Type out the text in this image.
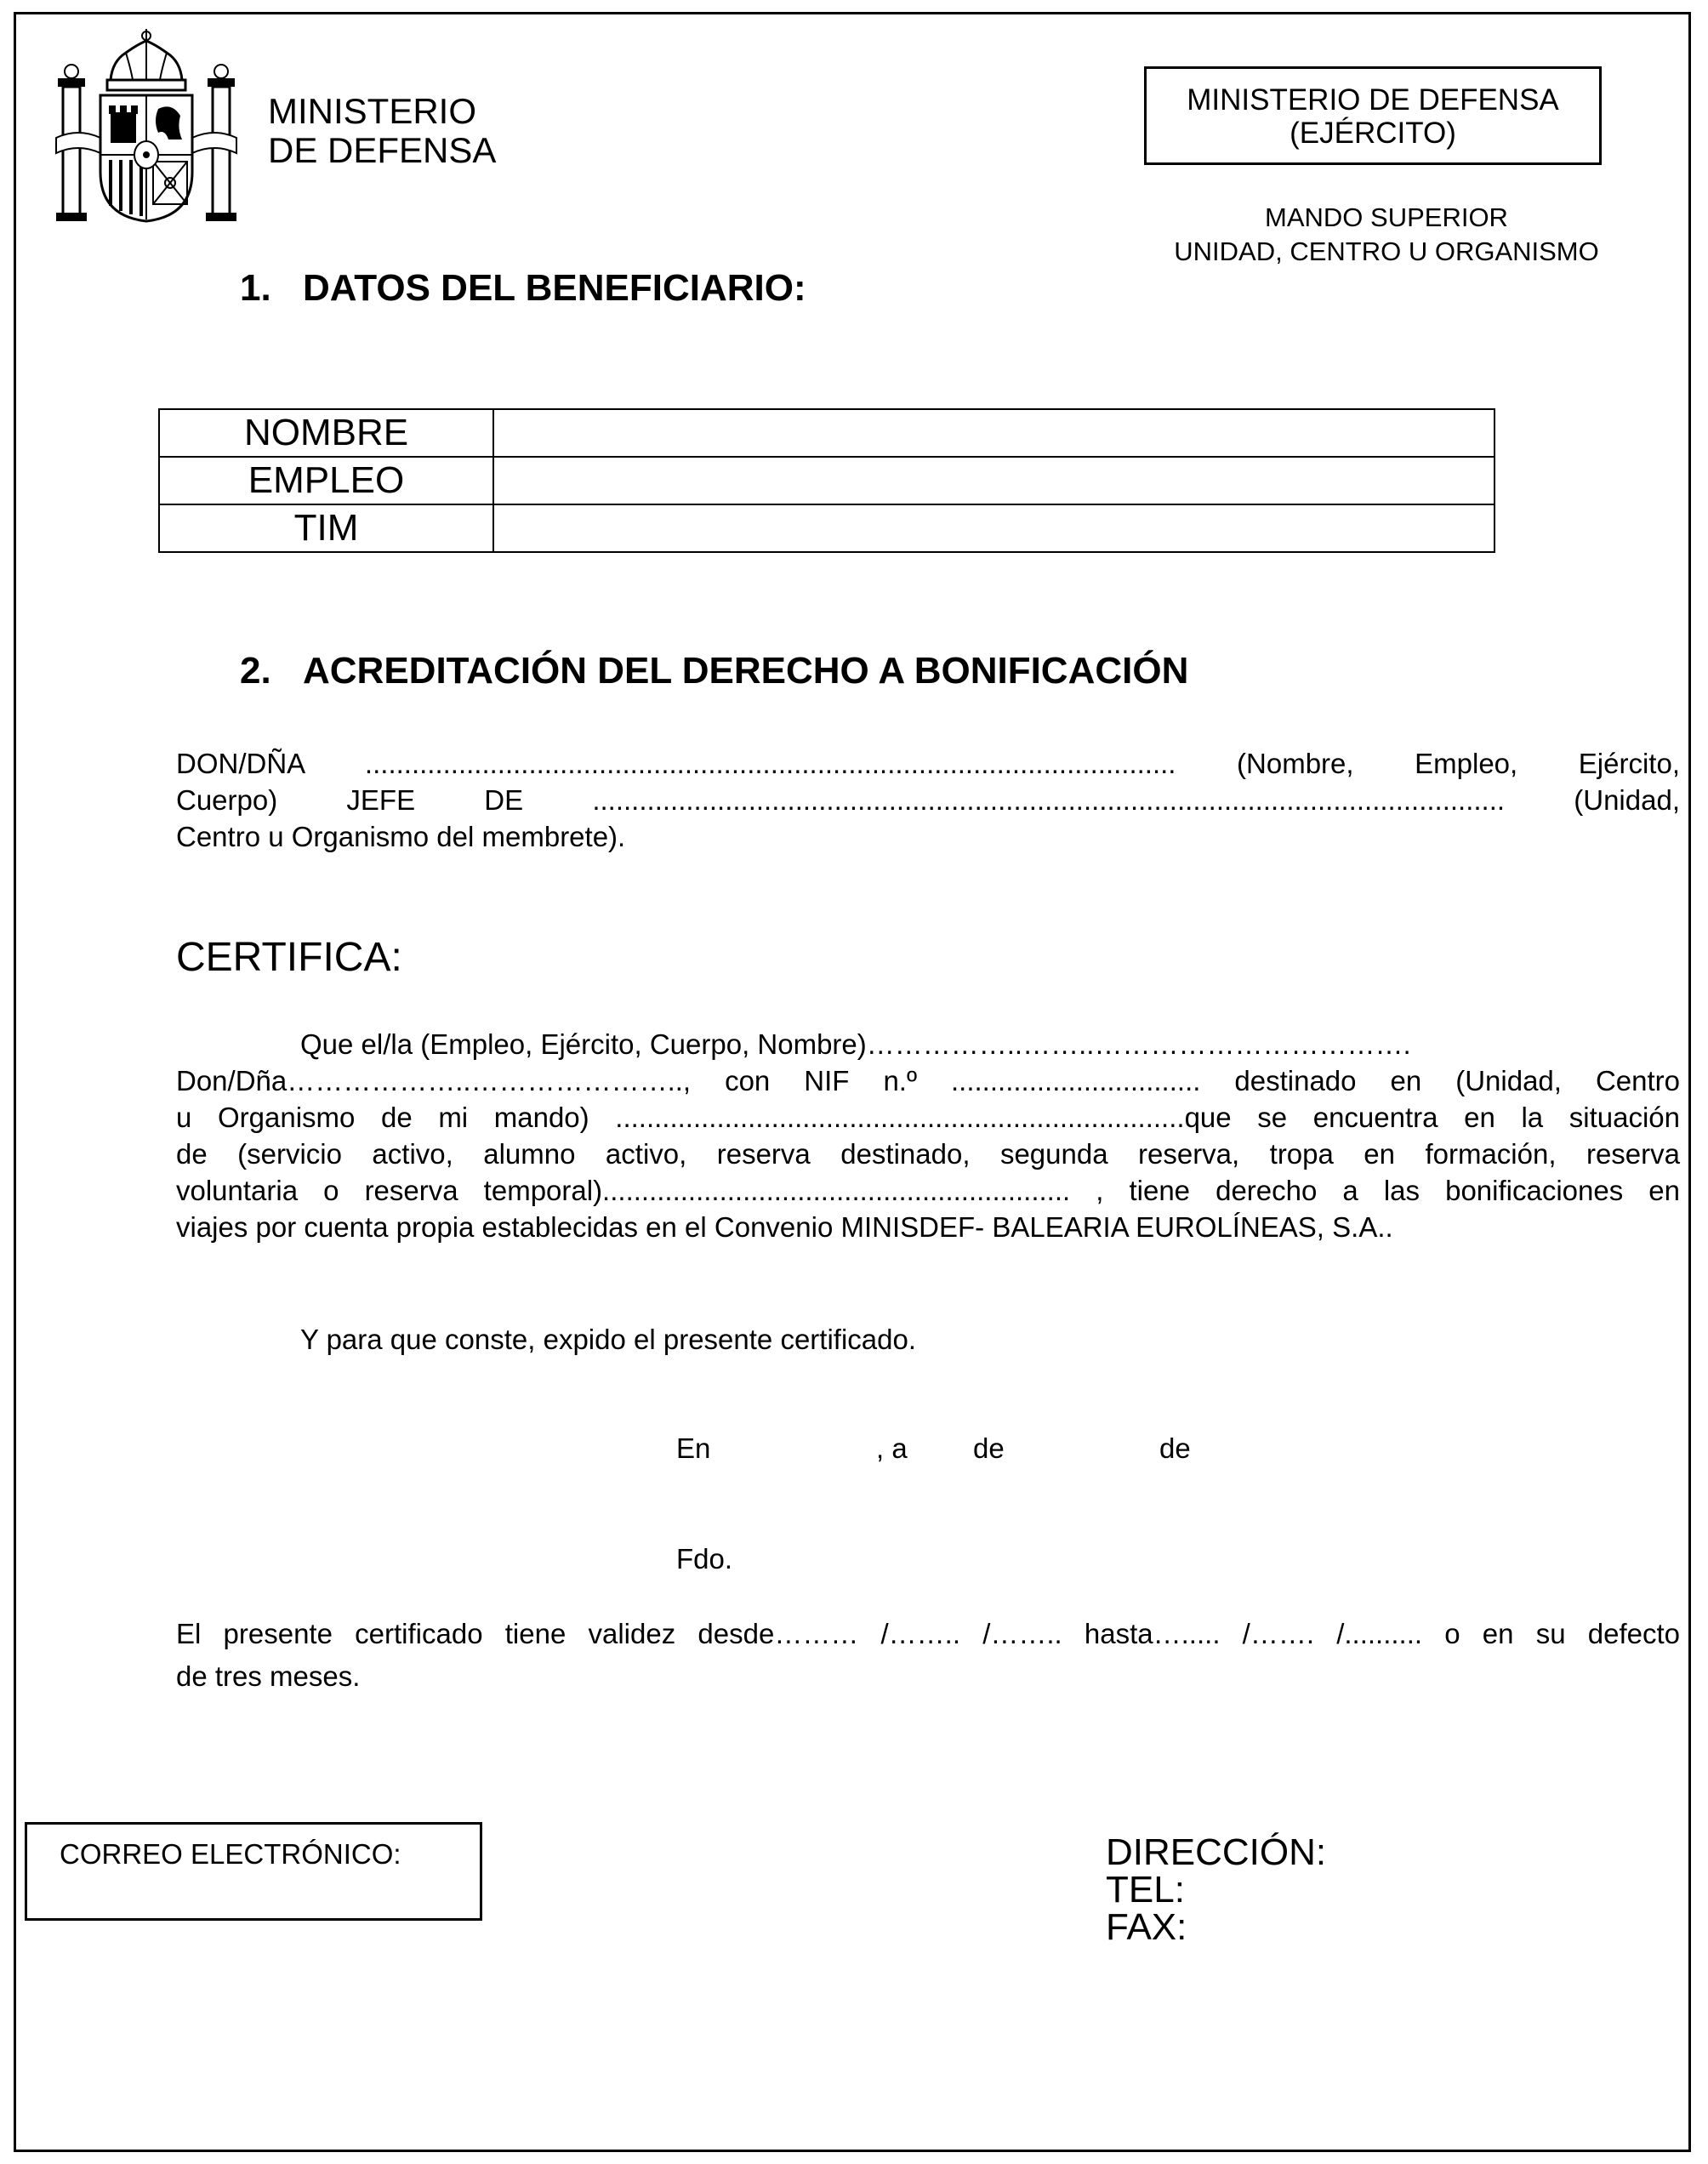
MINISTERIO
DE DEFENSA
MINISTERIO DE DEFENSA
(EJÉRCITO)
MANDO SUPERIOR
UNIDAD, CENTRO U ORGANISMO
1. DATOS DEL BENEFICIARIO:
NOMBRE	
EMPLEO	
TIM	
2. ACREDITACIÓN DEL DERECHO A BONIFICACIÓN
DON/DÑA ........................................................................................................ (Nombre, Empleo, Ejército,
Cuerpo) JEFE DE ..................................................................................................................... (Unidad,
Centro u Organismo del membrete).
CERTIFICA:
Que el/la (Empleo, Ejército, Cuerpo, Nombre)……………..……..…………………………….
Don/Dña………………..………………….., con NIF n.º ................................ destinado en (Unidad, Centro
u Organismo de mi mando) .........................................................................que se encuentra en la situación
de (servicio activo, alumno activo, reserva destinado, segunda reserva, tropa en formación, reserva
voluntaria o reserva temporal)............................................................ , tiene derecho a las bonificaciones en
viajes por cuenta propia establecidas en el Convenio MINISDEF- BALEARIA EUROLÍNEAS, S.A..
Y para que conste, expido el presente certificado.
En	, a de	de
Fdo.
El presente certificado tiene validez desde……… /…….. /…….. hasta…..... /……. /.......... o en su defecto
de tres meses.
CORREO ELECTRÓNICO:	DIRECCIÓN:
TEL:
FAX:
